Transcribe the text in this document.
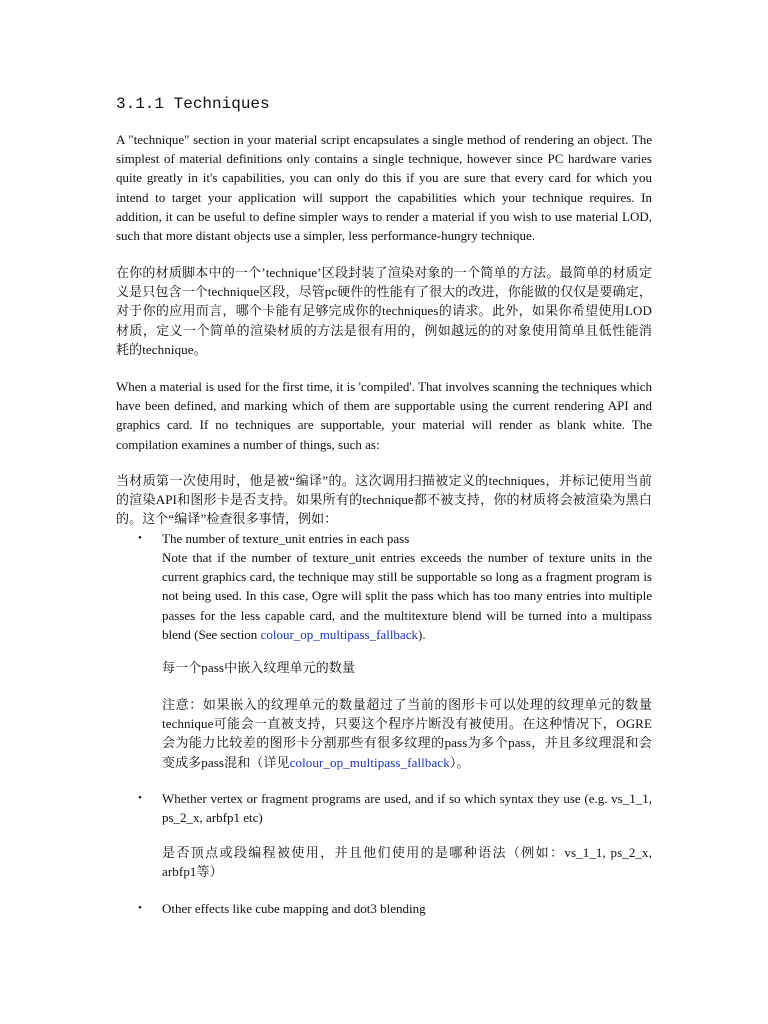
3.1.1 Techniques

A "technique" section in your material script encapsulates a single method of rendering an object. The simplest of material definitions only contains a single technique, however since PC hardware varies quite greatly in it's capabilities, you can only do this if you are sure that every card for which you intend to target your application will support the capabilities which your technique requires. In addition, it can be useful to define simpler ways to render a material if you wish to use material LOD, such that more distant objects use a simpler, less performance-hungry technique.

在你的材质脚本中的一个’technique’区段封装了渲染对象的一个简单的方法。最简单的材质定义是只包含一个technique区段，尽管pc硬件的性能有了很大的改进，你能做的仅仅是要确定，对于你的应用而言，哪个卡能有足够完成你的techniques的请求。此外，如果你希望使用LOD材质，定义一个简单的渲染材质的方法是很有用的，例如越远的的对象使用简单且低性能消耗的technique。

When a material is used for the first time, it is 'compiled'. That involves scanning the techniques which have been defined, and marking which of them are supportable using the current rendering API and graphics card. If no techniques are supportable, your material will render as blank white. The compilation examines a number of things, such as:

当材质第一次使用时，他是被“编译”的。这次调用扫描被定义的techniques，并标记使用当前的渲染API和图形卡是否支持。如果所有的technique都不被支持，你的材质将会被渲染为黑白的。这个“编译”检查很多事情，例如：

• The number of texture_unit entries in each pass

Note that if the number of texture_unit entries exceeds the number of texture units in the current graphics card, the technique may still be supportable so long as a fragment program is not being used. In this case, Ogre will split the pass which has too many entries into multiple passes for the less capable card, and the multitexture blend will be turned into a multipass blend (See section colour_op_multipass_fallback).

每一个pass中嵌入纹理单元的数量

注意：如果嵌入的纹理单元的数量超过了当前的图形卡可以处理的纹理单元的数量technique可能会一直被支持，只要这个程序片断没有被使用。在这种情况下，OGRE会为能力比较差的图形卡分割那些有很多纹理的pass为多个pass，并且多纹理混和会变成多pass混和（详见colour_op_multipass_fallback）。

• Whether vertex or fragment programs are used, and if so which syntax they use (e.g. vs_1_1, ps_2_x, arbfp1 etc)

是否顶点或段编程被使用，并且他们使用的是哪种语法（例如：vs_1_1, ps_2_x, arbfp1等）

• Other effects like cube mapping and dot3 blending
